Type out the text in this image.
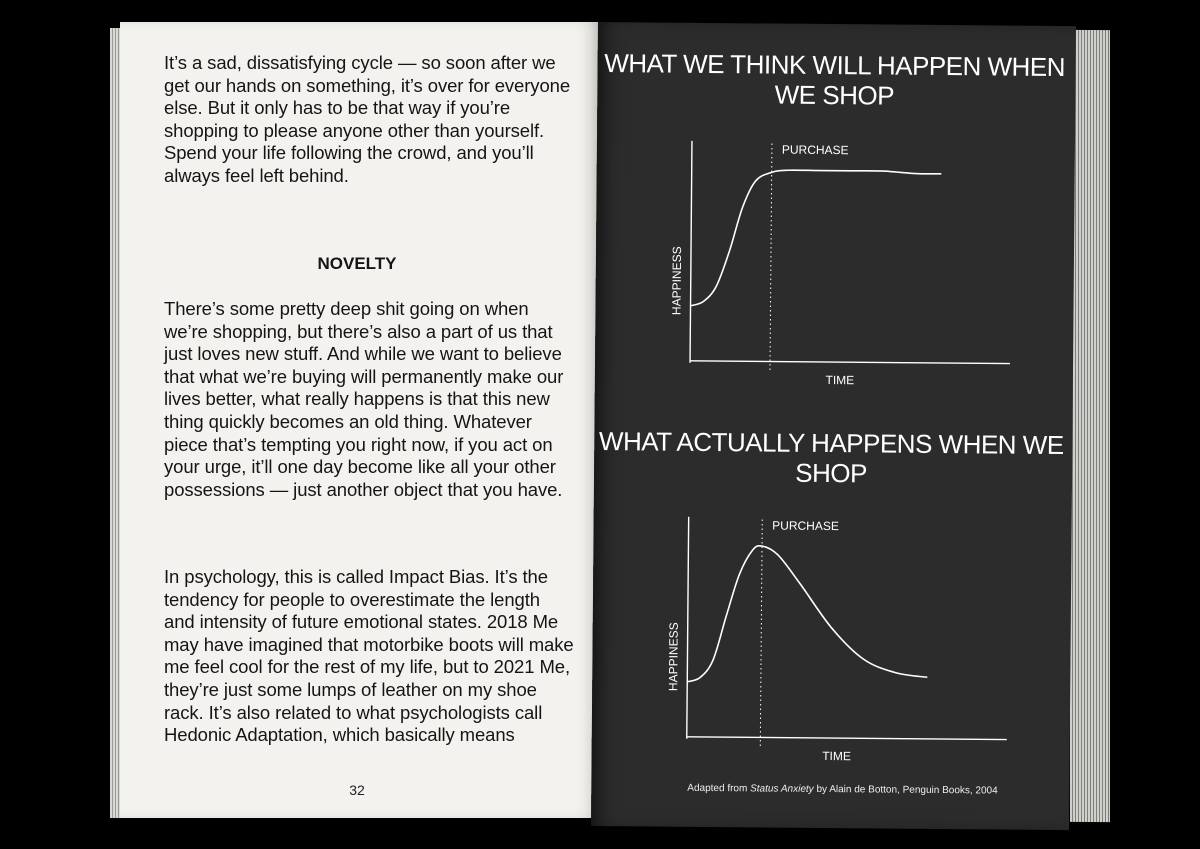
It’s a sad, dissatisfying cycle — so soon after we get our hands on something, it’s over for everyone else. But it only has to be that way if you’re shopping to please anyone other than yourself. Spend your life following the crowd, and you’ll always feel left behind.

NOVELTY

There’s some pretty deep shit going on when we’re shopping, but there’s also a part of us that just loves new stuff. And while we want to believe that what we’re buying will permanently make our lives better, what really happens is that this new thing quickly becomes an old thing. Whatever piece that’s tempting you right now, if you act on your urge, it’ll one day become like all your other possessions — just another object that you have.

In psychology, this is called Impact Bias. It’s the tendency for people to overestimate the length and intensity of future emotional states. 2018 Me may have imagined that motorbike boots will make me feel cool for the rest of my life, but to 2021 Me, they’re just some lumps of leather on my shoe rack. It’s also related to what psychologists call Hedonic Adaptation, which basically means

32
WHAT WE THINK WILL HAPPEN WHEN WE SHOP
PURCHASE
TIME
HAPPINESS
WHAT ACTUALLY HAPPENS WHEN WE SHOP
PURCHASE
TIME
HAPPINESS
Adapted from Status Anxiety by Alain de Botton, Penguin Books, 2004
